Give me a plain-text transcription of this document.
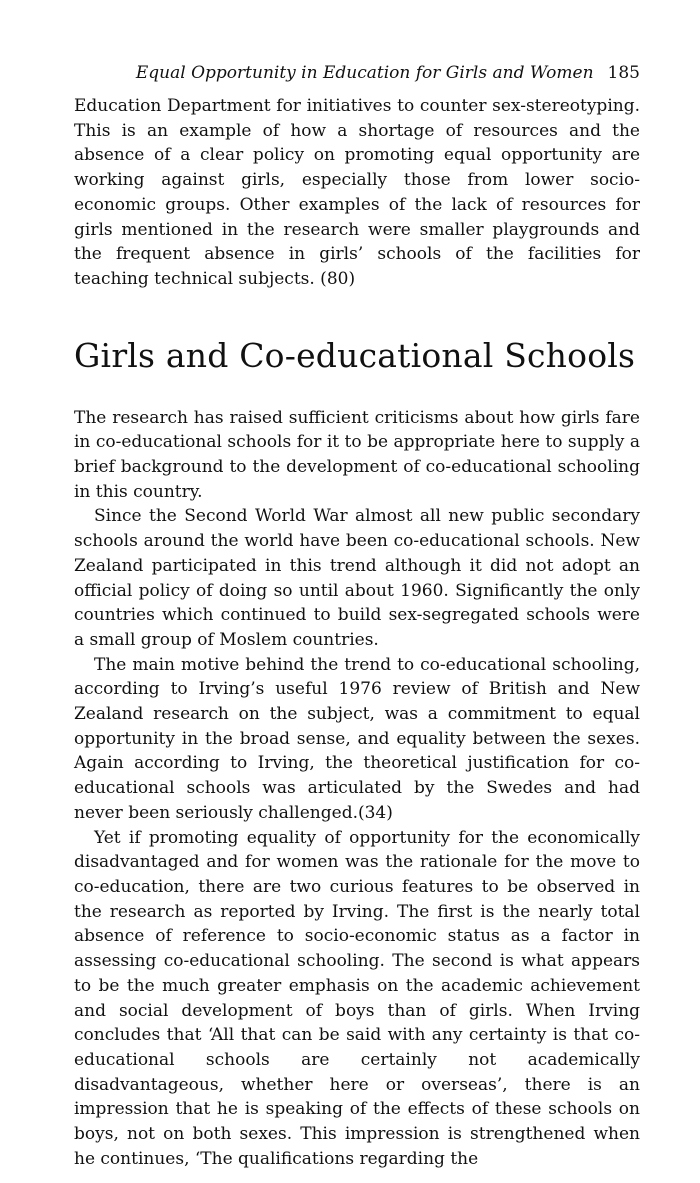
Equal Opportunity in Education for Girls and Women 185

Education Department for initiatives to counter sex-stereotyping. This is an example of how a shortage of resources and the absence of a clear policy on promoting equal opportunity are working against girls, especially those from lower socio-economic groups. Other examples of the lack of resources for girls mentioned in the research were smaller playgrounds and the frequent absence in girls’ schools of the facilities for teaching technical subjects. (80)

Girls and Co-educational Schools

The research has raised sufficient criticisms about how girls fare in co-educational schools for it to be appropriate here to supply a brief background to the development of co-educational schooling in this country.

Since the Second World War almost all new public secondary schools around the world have been co-educational schools. New Zealand participated in this trend although it did not adopt an official policy of doing so until about 1960. Significantly the only countries which continued to build sex-segregated schools were a small group of Moslem countries.

The main motive behind the trend to co-educational schooling, according to Irving’s useful 1976 review of British and New Zealand research on the subject, was a commitment to equal opportunity in the broad sense, and equality between the sexes. Again according to Irving, the theoretical justification for co-educational schools was articulated by the Swedes and had never been seriously challenged.(34)

Yet if promoting equality of opportunity for the economically disadvantaged and for women was the rationale for the move to co-education, there are two curious features to be observed in the research as reported by Irving. The first is the nearly total absence of reference to socio-economic status as a factor in assessing co-educational schooling. The second is what appears to be the much greater emphasis on the academic achievement and social development of boys than of girls. When Irving concludes that ‘All that can be said with any certainty is that co-educational schools are certainly not academically disadvantageous, whether here or overseas’, there is an impression that he is speaking of the effects of these schools on boys, not on both sexes. This impression is strengthened when he continues, ‘The qualifications regarding the
